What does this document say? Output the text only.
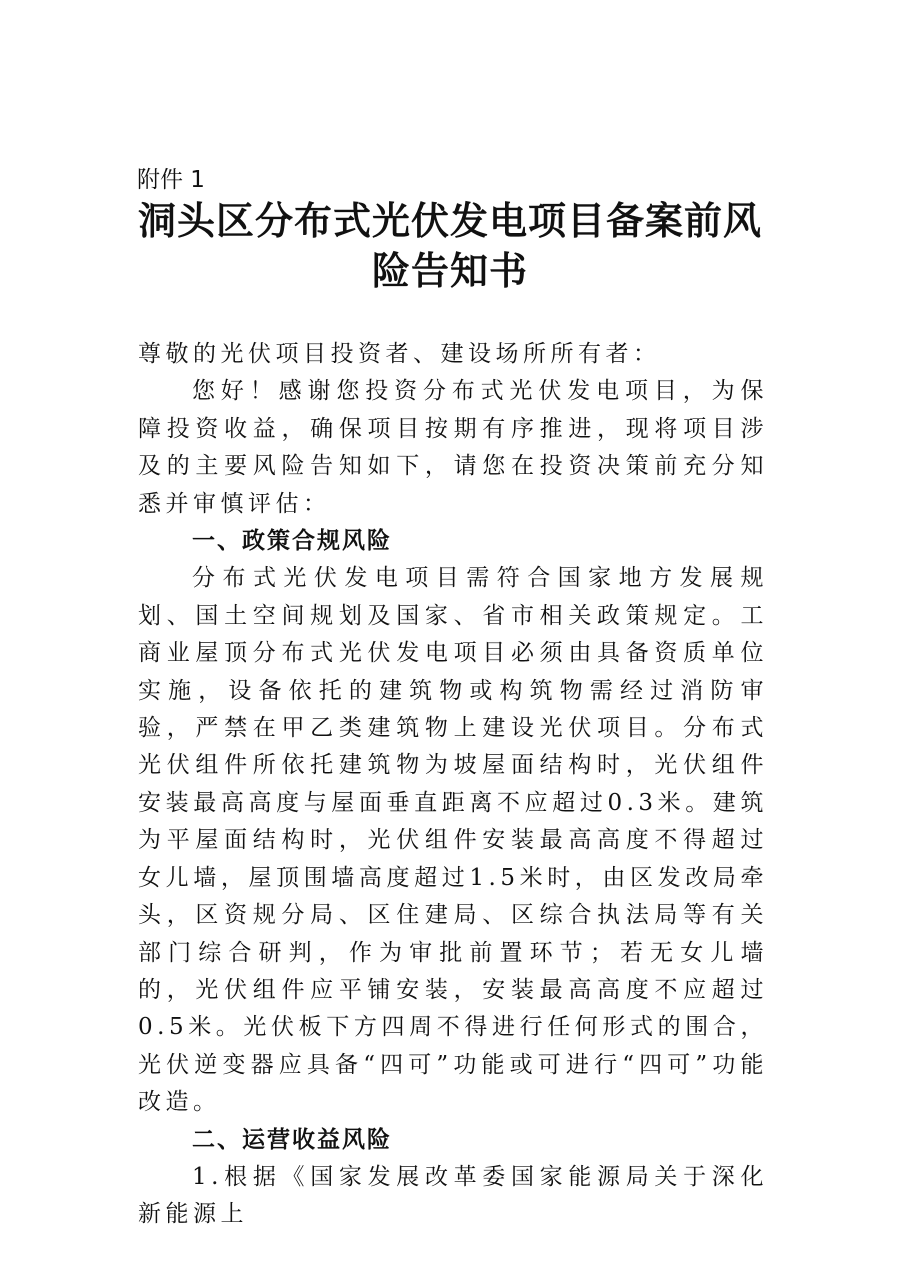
附件 1
洞头区分布式光伏发电项目备案前风险告知书

尊敬的光伏项目投资者、建设场所所有者：

您好！感谢您投资分布式光伏发电项目，为保障投资收益，确保项目按期有序推进，现将项目涉及的主要风险告知如下，请您在投资决策前充分知悉并审慎评估：

一、政策合规风险

分布式光伏发电项目需符合国家地方发展规划、国土空间规划及国家、省市相关政策规定。工商业屋顶分布式光伏发电项目必须由具备资质单位实施，设备依托的建筑物或构筑物需经过消防审验，严禁在甲乙类建筑物上建设光伏项目。分布式光伏组件所依托建筑物为坡屋面结构时，光伏组件安装最高高度与屋面垂直距离不应超过0.3米。建筑为平屋面结构时，光伏组件安装最高高度不得超过女儿墙，屋顶围墙高度超过1.5米时，由区发改局牵头，区资规分局、区住建局、区综合执法局等有关部门综合研判，作为审批前置环节；若无女儿墙的，光伏组件应平铺安装，安装最高高度不应超过0.5米。光伏板下方四周不得进行任何形式的围合，光伏逆变器应具备“四可”功能或可进行“四可”功能改造。

二、运营收益风险

1.根据《国家发展改革委国家能源局关于深化新能源上
